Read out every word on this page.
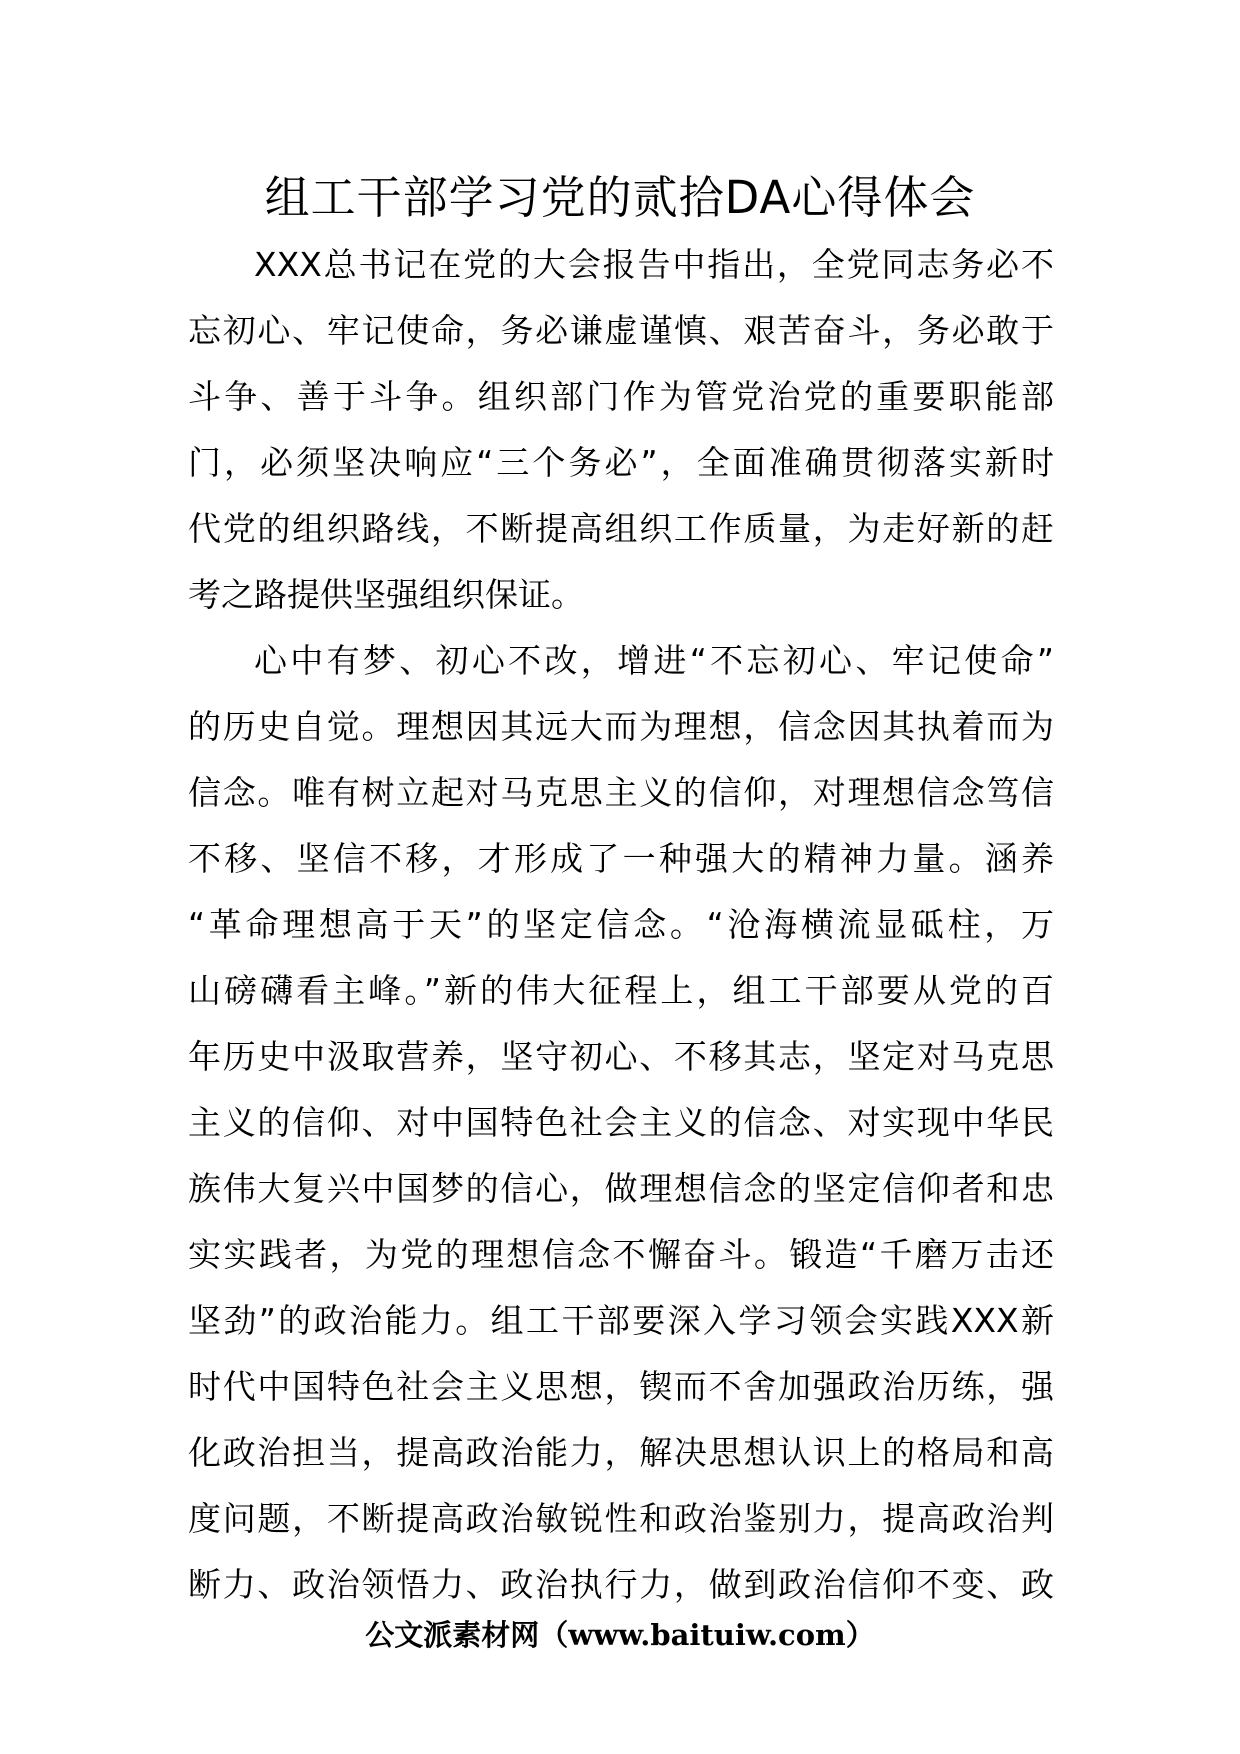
组工干部学习党的贰拾DA心得体会
XXX总书记在党的大会报告中指出，全党同志务必不
忘初心、牢记使命，务必谦虚谨慎、艰苦奋斗，务必敢于
斗争、善于斗争。组织部门作为管党治党的重要职能部
门，必须坚决响应“三个务必”，全面准确贯彻落实新时
代党的组织路线，不断提高组织工作质量，为走好新的赶
考之路提供坚强组织保证。
心中有梦、初心不改，增进“不忘初心、牢记使命”
的历史自觉。理想因其远大而为理想，信念因其执着而为
信念。唯有树立起对马克思主义的信仰，对理想信念笃信
不移、坚信不移，才形成了一种强大的精神力量。涵养
“革命理想高于天”的坚定信念。“沧海横流显砥柱，万
山磅礴看主峰。”新的伟大征程上，组工干部要从党的百
年历史中汲取营养，坚守初心、不移其志，坚定对马克思
主义的信仰、对中国特色社会主义的信念、对实现中华民
族伟大复兴中国梦的信心，做理想信念的坚定信仰者和忠
实实践者，为党的理想信念不懈奋斗。锻造“千磨万击还
坚劲”的政治能力。组工干部要深入学习领会实践XXX新
时代中国特色社会主义思想，锲而不舍加强政治历练，强
化政治担当，提高政治能力，解决思想认识上的格局和高
度问题，不断提高政治敏锐性和政治鉴别力，提高政治判
断力、政治领悟力、政治执行力，做到政治信仰不变、政
公文派素材网（www.baituiw.com）
